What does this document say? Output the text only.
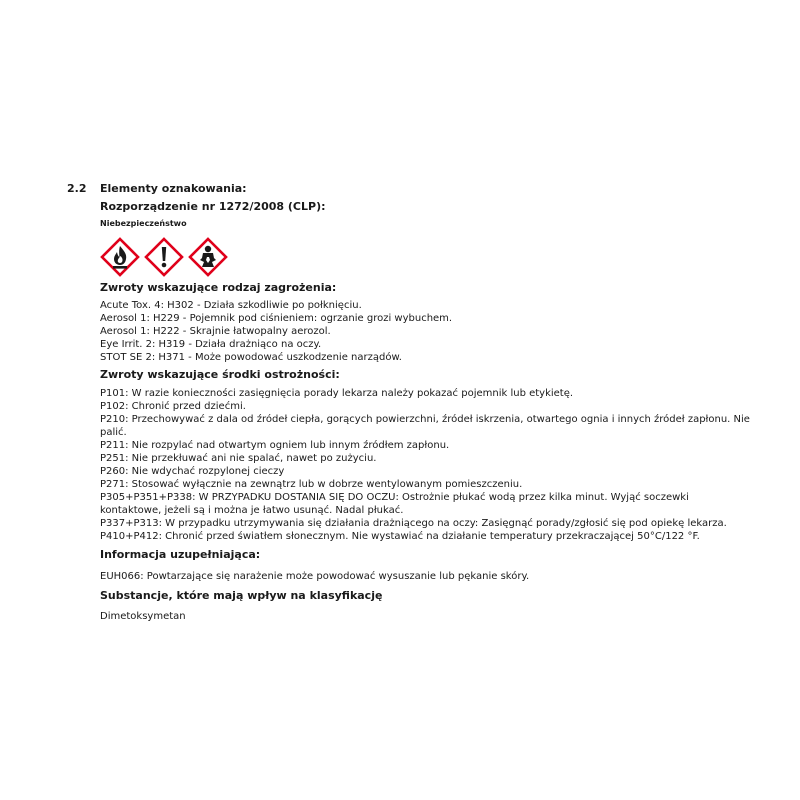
2.2 Elementy oznakowania:
Rozporządzenie nr 1272/2008 (CLP):
Niebezpieczeństwo

Zwroty wskazujące rodzaj zagrożenia:

Acute Tox. 4: H302 - Działa szkodliwie po połknięciu.

Aerosol 1: H229 - Pojemnik pod ciśnieniem: ogrzanie grozi wybuchem.

Aerosol 1: H222 - Skrajnie łatwopalny aerozol.

Eye Irrit. 2: H319 - Działa drażniąco na oczy.

STOT SE 2: H371 - Może powodować uszkodzenie narządów.

Zwroty wskazujące środki ostrożności:

P101: W razie konieczności zasięgnięcia porady lekarza należy pokazać pojemnik lub etykietę.

P102: Chronić przed dziećmi.

P210: Przechowywać z dala od źródeł ciepła, gorących powierzchni, źródeł iskrzenia, otwartego ognia i innych źródeł zapłonu. Nie palić.

P211: Nie rozpylać nad otwartym ogniem lub innym źródłem zapłonu.

P251: Nie przekłuwać ani nie spalać, nawet po zużyciu.

P260: Nie wdychać rozpylonej cieczy

P271: Stosować wyłącznie na zewnątrz lub w dobrze wentylowanym pomieszczeniu.

P305+P351+P338: W PRZYPADKU DOSTANIA SIĘ DO OCZU: Ostrożnie płukać wodą przez kilka minut. Wyjąć soczewki kontaktowe, jeżeli są i można je łatwo usunąć. Nadal płukać.

P337+P313: W przypadku utrzymywania się działania drażniącego na oczy: Zasięgnąć porady/zgłosić się pod opiekę lekarza.

P410+P412: Chronić przed światłem słonecznym. Nie wystawiać na działanie temperatury przekraczającej 50°C/122 °F.

Informacja uzupełniająca:

EUH066: Powtarzające się narażenie może powodować wysuszanie lub pękanie skóry.

Substancje, które mają wpływ na klasyfikację

Dimetoksymetan
